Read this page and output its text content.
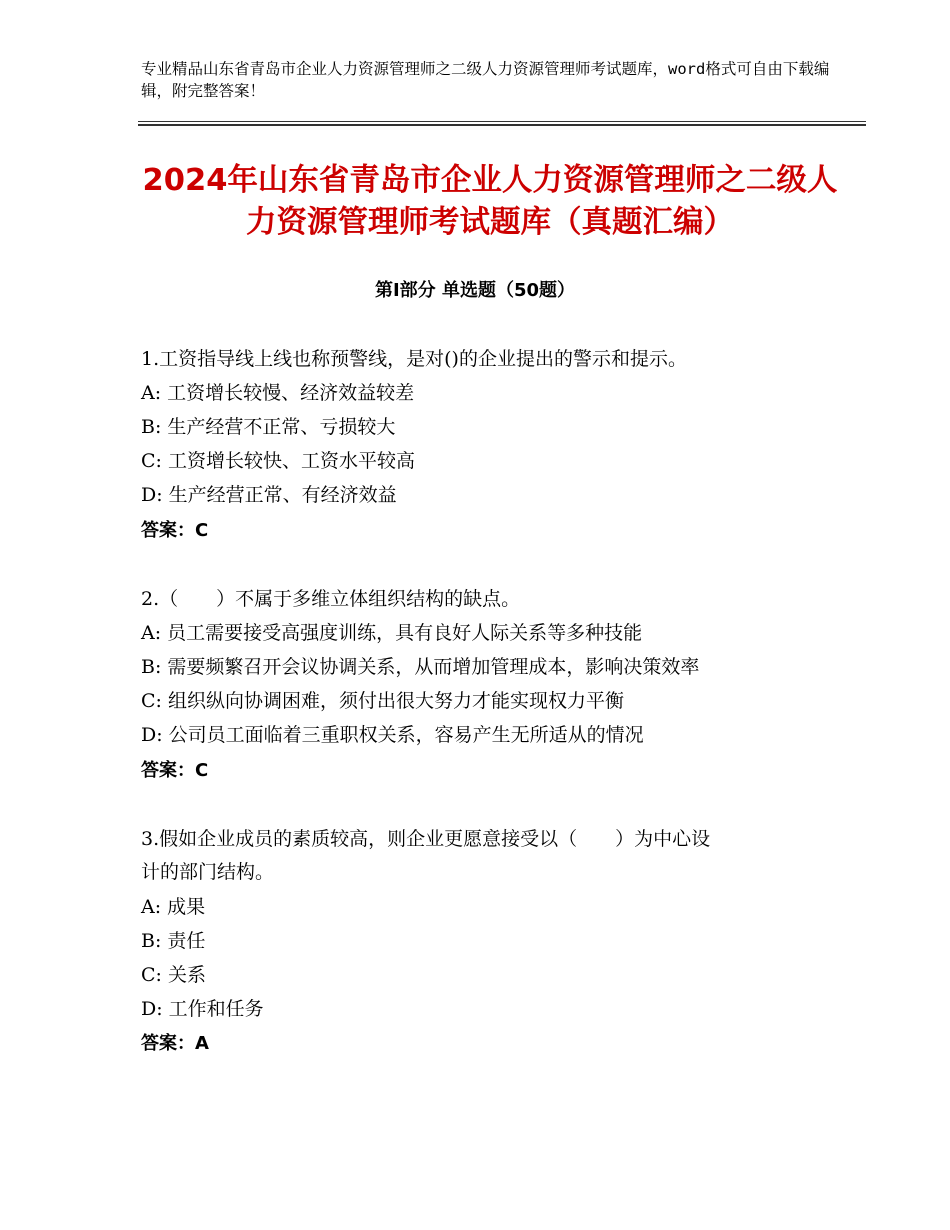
专业精品山东省青岛市企业人力资源管理师之二级人力资源管理师考试题库，word格式可自由下载编辑，附完整答案！
2024年山东省青岛市企业人力资源管理师之二级人力资源管理师考试题库（真题汇编）
第Ⅰ部分 单选题（50题）
1.工资指导线上线也称预警线，是对()的企业提出的警示和提示。
A: 工资增长较慢、经济效益较差
B: 生产经营不正常、亏损较大
C: 工资增长较快、工资水平较高
D: 生产经营正常、有经济效益
答案：C
2.（　　）不属于多维立体组织结构的缺点。
A: 员工需要接受高强度训练，具有良好人际关系等多种技能
B: 需要频繁召开会议协调关系，从而增加管理成本，影响决策效率
C: 组织纵向协调困难，须付出很大努力才能实现权力平衡
D: 公司员工面临着三重职权关系，容易产生无所适从的情况
答案：C
3.假如企业成员的素质较高，则企业更愿意接受以（　　）为中心设
计的部门结构。
A: 成果
B: 责任
C: 关系
D: 工作和任务
答案：A
